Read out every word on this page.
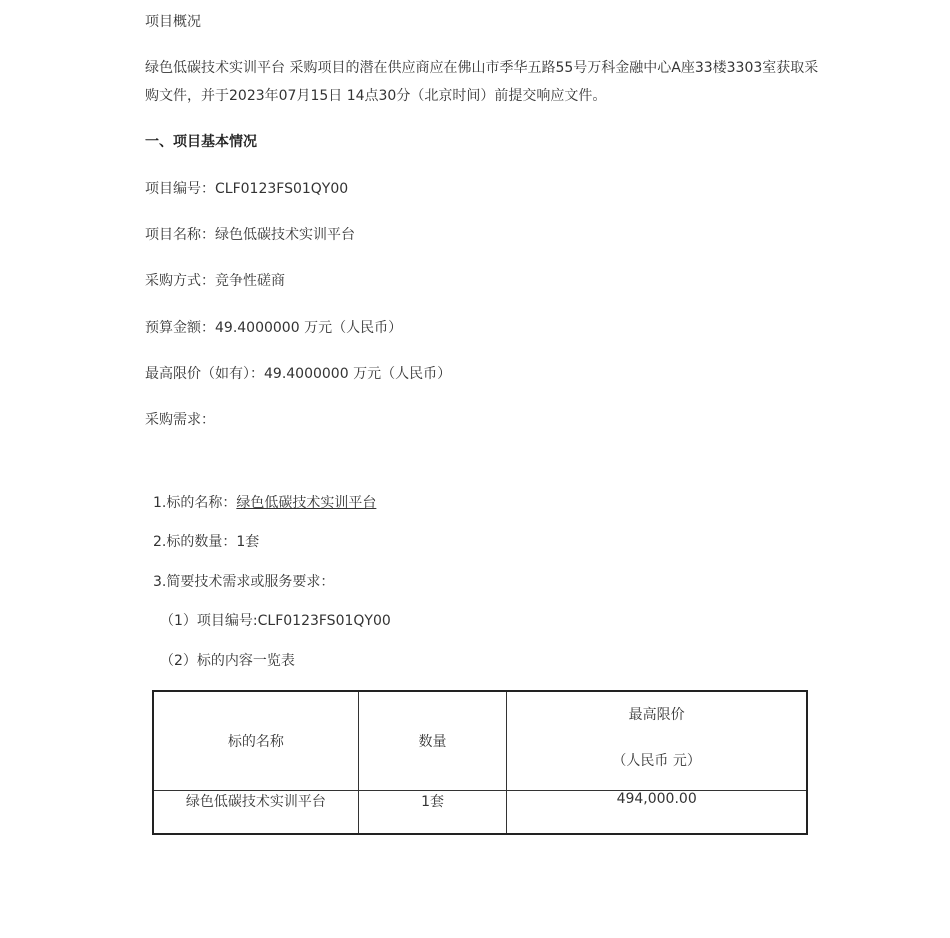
项目概况
绿色低碳技术实训平台 采购项目的潜在供应商应在佛山市季华五路55号万科金融中心A座33楼3303室获取采购文件，并于2023年07月15日 14点30分（北京时间）前提交响应文件。
一、项目基本情况
项目编号：CLF0123FS01QY00
项目名称：绿色低碳技术实训平台
采购方式：竞争性磋商
预算金额：49.4000000 万元（人民币）
最高限价（如有）：49.4000000 万元（人民币）
采购需求：
1.标的名称：绿色低碳技术实训平台
2.标的数量：1套
3.简要技术需求或服务要求：
（1）项目编号:CLF0123FS01QY00
（2）标的内容一览表
标的名称	数量	最高限价
（人民币 元）

绿色低碳技术实训平台	1套	494,000.00
